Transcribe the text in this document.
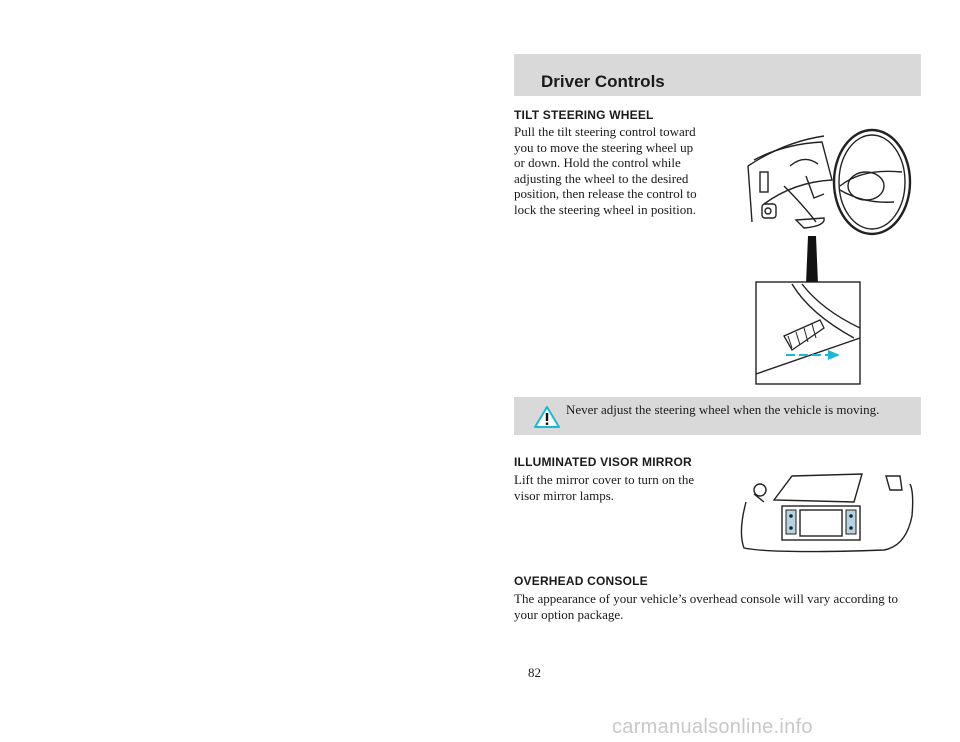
Driver Controls
TILT STEERING WHEEL

Pull the tilt steering control toward
you to move the steering wheel up
or down. Hold the control while
adjusting the wheel to the desired
position, then release the control to
lock the steering wheel in position.

Never adjust the steering wheel when the vehicle is moving.
ILLUMINATED VISOR MIRROR

Lift the mirror cover to turn on the
visor mirror lamps.

OVERHEAD CONSOLE

The appearance of your vehicle’s overhead console will vary according to
your option package.

82
carmanualsonline.info
